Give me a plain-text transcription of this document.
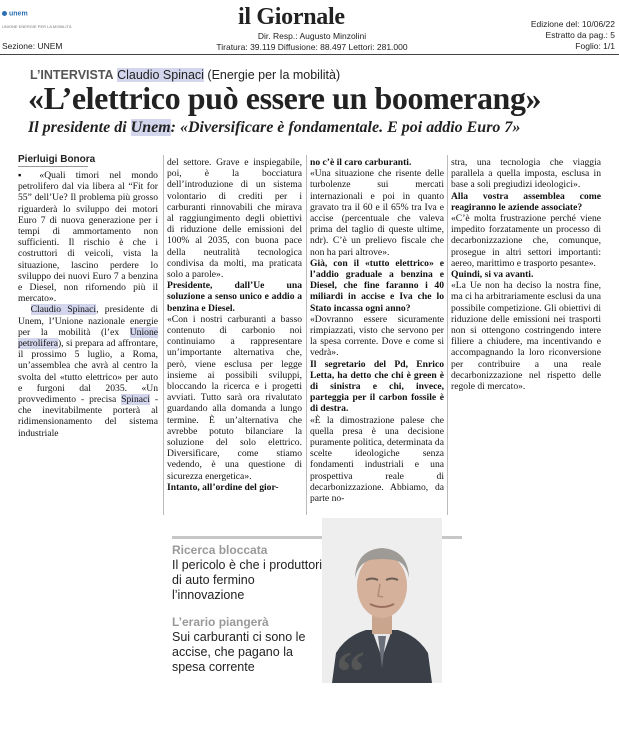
unem
UNIONE ENERGIE PER LA MOBILITÀ
Sezione: UNEM
il Giornale
Dir. Resp.: Augusto Minzolini
Tiratura: 39.119 Diffusione: 88.497 Lettori: 281.000
Edizione del: 10/06/22
Estratto da pag.: 5
Foglio: 1/1
L’INTERVISTA Claudio Spinaci (Energie per la mobilità)
«L’elettrico può essere un boomerang»
Il presidente di Unem: «Diversificare è fondamentale. E poi addio Euro 7»
Pierluigi Bonora

▪ «Quali timori nel mondo petrolifero dal via libera al “Fit for 55” dell’Ue? Il problema più grosso riguarderà lo sviluppo dei motori Euro 7 di nuova generazione per i tempi di ammortamento non sufficienti. Il rischio è che i costruttori di veicoli, vista la situazione, lascino perdere lo sviluppo dei nuovi Euro 7 a benzina e Diesel, non rifornendo più il mercato».

Claudio Spinaci, presidente di Unem, l’Unione nazionale energie per la mobilità (l’ex Unione petrolifera), si prepara ad affrontare, il prossimo 5 luglio, a Roma, un’assemblea che avrà al centro la svolta del «tutto elettrico» per auto e furgoni dal 2035. «Un provvedimento - precisa Spinaci - che inevitabilmente porterà al ridimensionamento del sistema industriale

del settore. Grave e inspiegabile, poi, è la bocciatura dell’introduzione di un sistema volontario di crediti per i carburanti rinnovabili che mirava al raggiungimento degli obiettivi di riduzione delle emissioni del 100% al 2035, con buona pace della neutralità tecnologica condivisa da molti, ma praticata solo a parole».

Presidente, dall’Ue una soluzione a senso unico e addio a benzina e Diesel.

«Con i nostri carburanti a basso contenuto di carbonio noi continuiamo a rappresentare un’importante alternativa che, però, viene esclusa per legge insieme ai possibili sviluppi, bloccando la ricerca e i progetti avviati. Tutto sarà ora rivalutato guardando alla domanda a lungo termine. È un’alternativa che avrebbe potuto bilanciare la soluzione del solo elettrico. Diversificare, come stiamo vedendo, è una questione di sicurezza energetica».

Intanto, all’ordine del gior-

no c’è il caro carburanti.

«Una situazione che risente delle turbolenze sui mercati internazionali e poi in quanto gravato tra il 60 e il 65% tra Iva e accise (percentuale che valeva prima del taglio di queste ultime, ndr). C’è un prelievo fiscale che non ha pari altrove».

Già, con il «tutto elettrico» e l’addio graduale a benzina e Diesel, che fine faranno i 40 miliardi in accise e Iva che lo Stato incassa ogni anno?

«Dovranno essere sicuramente rimpiazzati, visto che servono per la spesa corrente. Dove e come si vedrà».

Il segretario del Pd, Enrico Letta, ha detto che chi è green è di sinistra e chi, invece, parteggia per il carbon fossile è di destra.

«È la dimostrazione palese che quella presa è una decisione puramente politica, determinata da scelte ideologiche senza fondamenti industriali e una prospettiva reale di decarbonizzazione. Abbiamo, da parte no-

stra, una tecnologia che viaggia parallela a quella imposta, esclusa in base a soli pregiudizi ideologici».

Alla vostra assemblea come reagiranno le aziende associate?

«C’è molta frustrazione perché viene impedito forzatamente un processo di decarbonizzazione che, comunque, prosegue in altri settori importanti: aereo, marittimo e trasporto pesante».

Quindi, si va avanti.

«La Ue non ha deciso la nostra fine, ma ci ha arbitrariamente esclusi da una possibile competizione. Gli obiettivi di riduzione delle emissioni nei trasporti non si ottengono costringendo intere filiere a chiudere, ma incentivando e accompagnando la loro riconversione per contribuire a una reale decarbonizzazione nel rispetto delle regole di mercato».

Ricerca bloccata
Il pericolo è che i produttori di auto fermino l’innovazione
L’erario piangerà
Sui carburanti ci sono le accise, che pagano la spesa corrente	“
